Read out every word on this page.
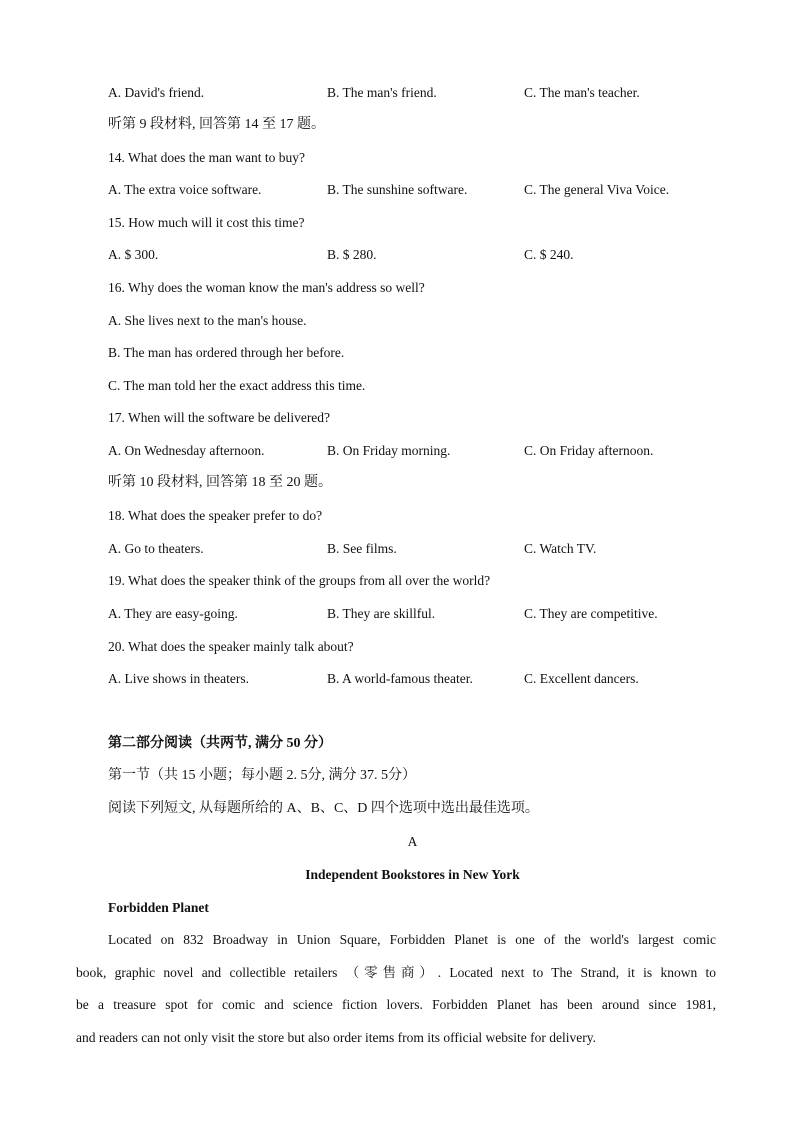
A. David's friend.	B. The man's friend.	C. The man's teacher.
听第 9 段材料, 回答第 14 至 17 题。
14. What does the man want to buy?
A. The extra voice software.	B. The sunshine software.	C. The general Viva Voice.
15. How much will it cost this time?
A. $ 300.	B. $ 280.	C. $ 240.
16. Why does the woman know the man's address so well?
A. She lives next to the man's house.
B. The man has ordered through her before.
C. The man told her the exact address this time.
17. When will the software be delivered?
A. On Wednesday afternoon.	B. On Friday morning.	C. On Friday afternoon.
听第 10 段材料, 回答第 18 至 20 题。
18. What does the speaker prefer to do?
A. Go to theaters.	B. See films.	C. Watch TV.
19. What does the speaker think of the groups from all over the world?
A. They are easy-going.	B. They are skillful.	C. They are competitive.
20. What does the speaker mainly talk about?
A. Live shows in theaters.	B. A world-famous theater.	C. Excellent dancers.
第二部分阅读（共两节, 满分 50 分）
第一节（共 15 小题；每小题 2. 5分, 满分 37. 5分）
阅读下列短文, 从每题所给的 A、B、C、D 四个选项中选出最佳选项。
A
Independent Bookstores in New York
Forbidden Planet
Located on 832 Broadway in Union Square, Forbidden Planet is one of the world's largest comic
book, graphic novel and collectible retailers （零售商）. Located next to The Strand, it is known to
be a treasure spot for comic and science fiction lovers. Forbidden Planet has been around since 1981,
and readers can not only visit the store but also order items from its official website for delivery.
